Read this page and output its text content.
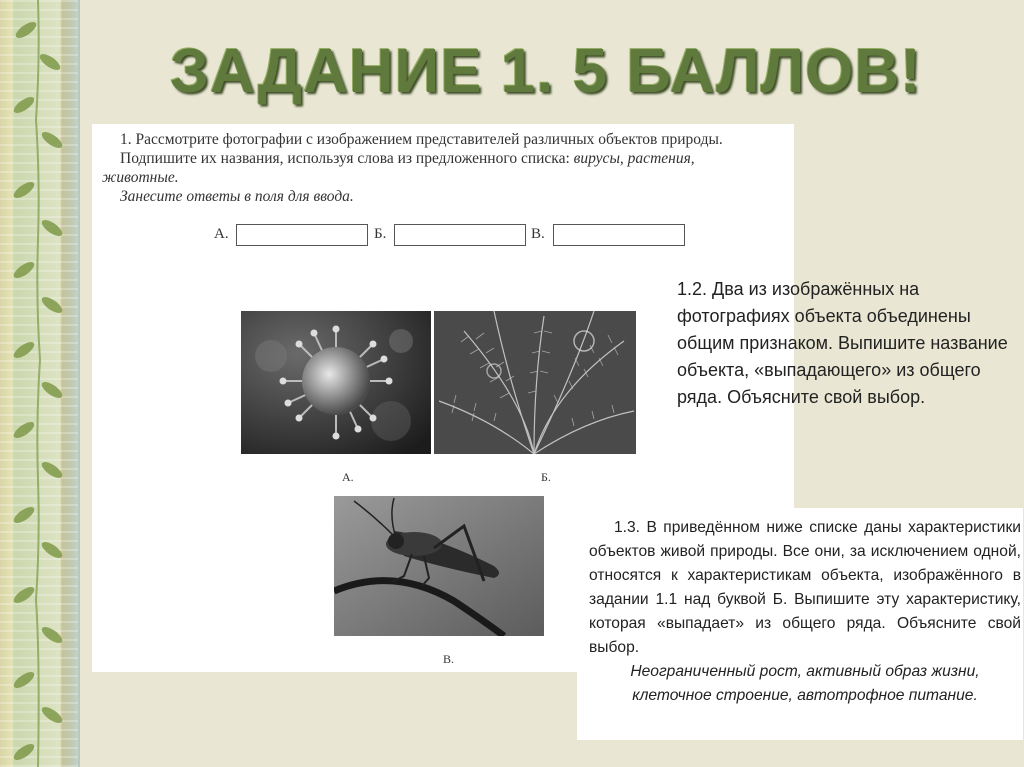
ЗАДАНИЕ 1. 5 БАЛЛОВ!

1. Рассмотрите фотографии с изображением представителей различных объектов природы.

Подпишите их названия, используя слова из предложенного списка: вирусы, растения,

животные.

Занесите ответы в поля для ввода.

А.	Б.	В.
А.	Б.
В.
1.2. Два из изображённых на фотографиях объекта объединены общим признаком. Выпишите название объекта, «выпадающего» из общего ряда. Объясните свой выбор.

1.3. В приведённом ниже списке даны характеристики объектов живой природы. Все они, за исключением одной, относятся к характеристикам объекта, изображённого в задании 1.1 над буквой Б. Выпишите эту характеристику, которая «выпадает» из общего ряда. Объясните свой выбор.

Неограниченный рост, активный образ жизни, клеточное строение, автотрофное питание.
